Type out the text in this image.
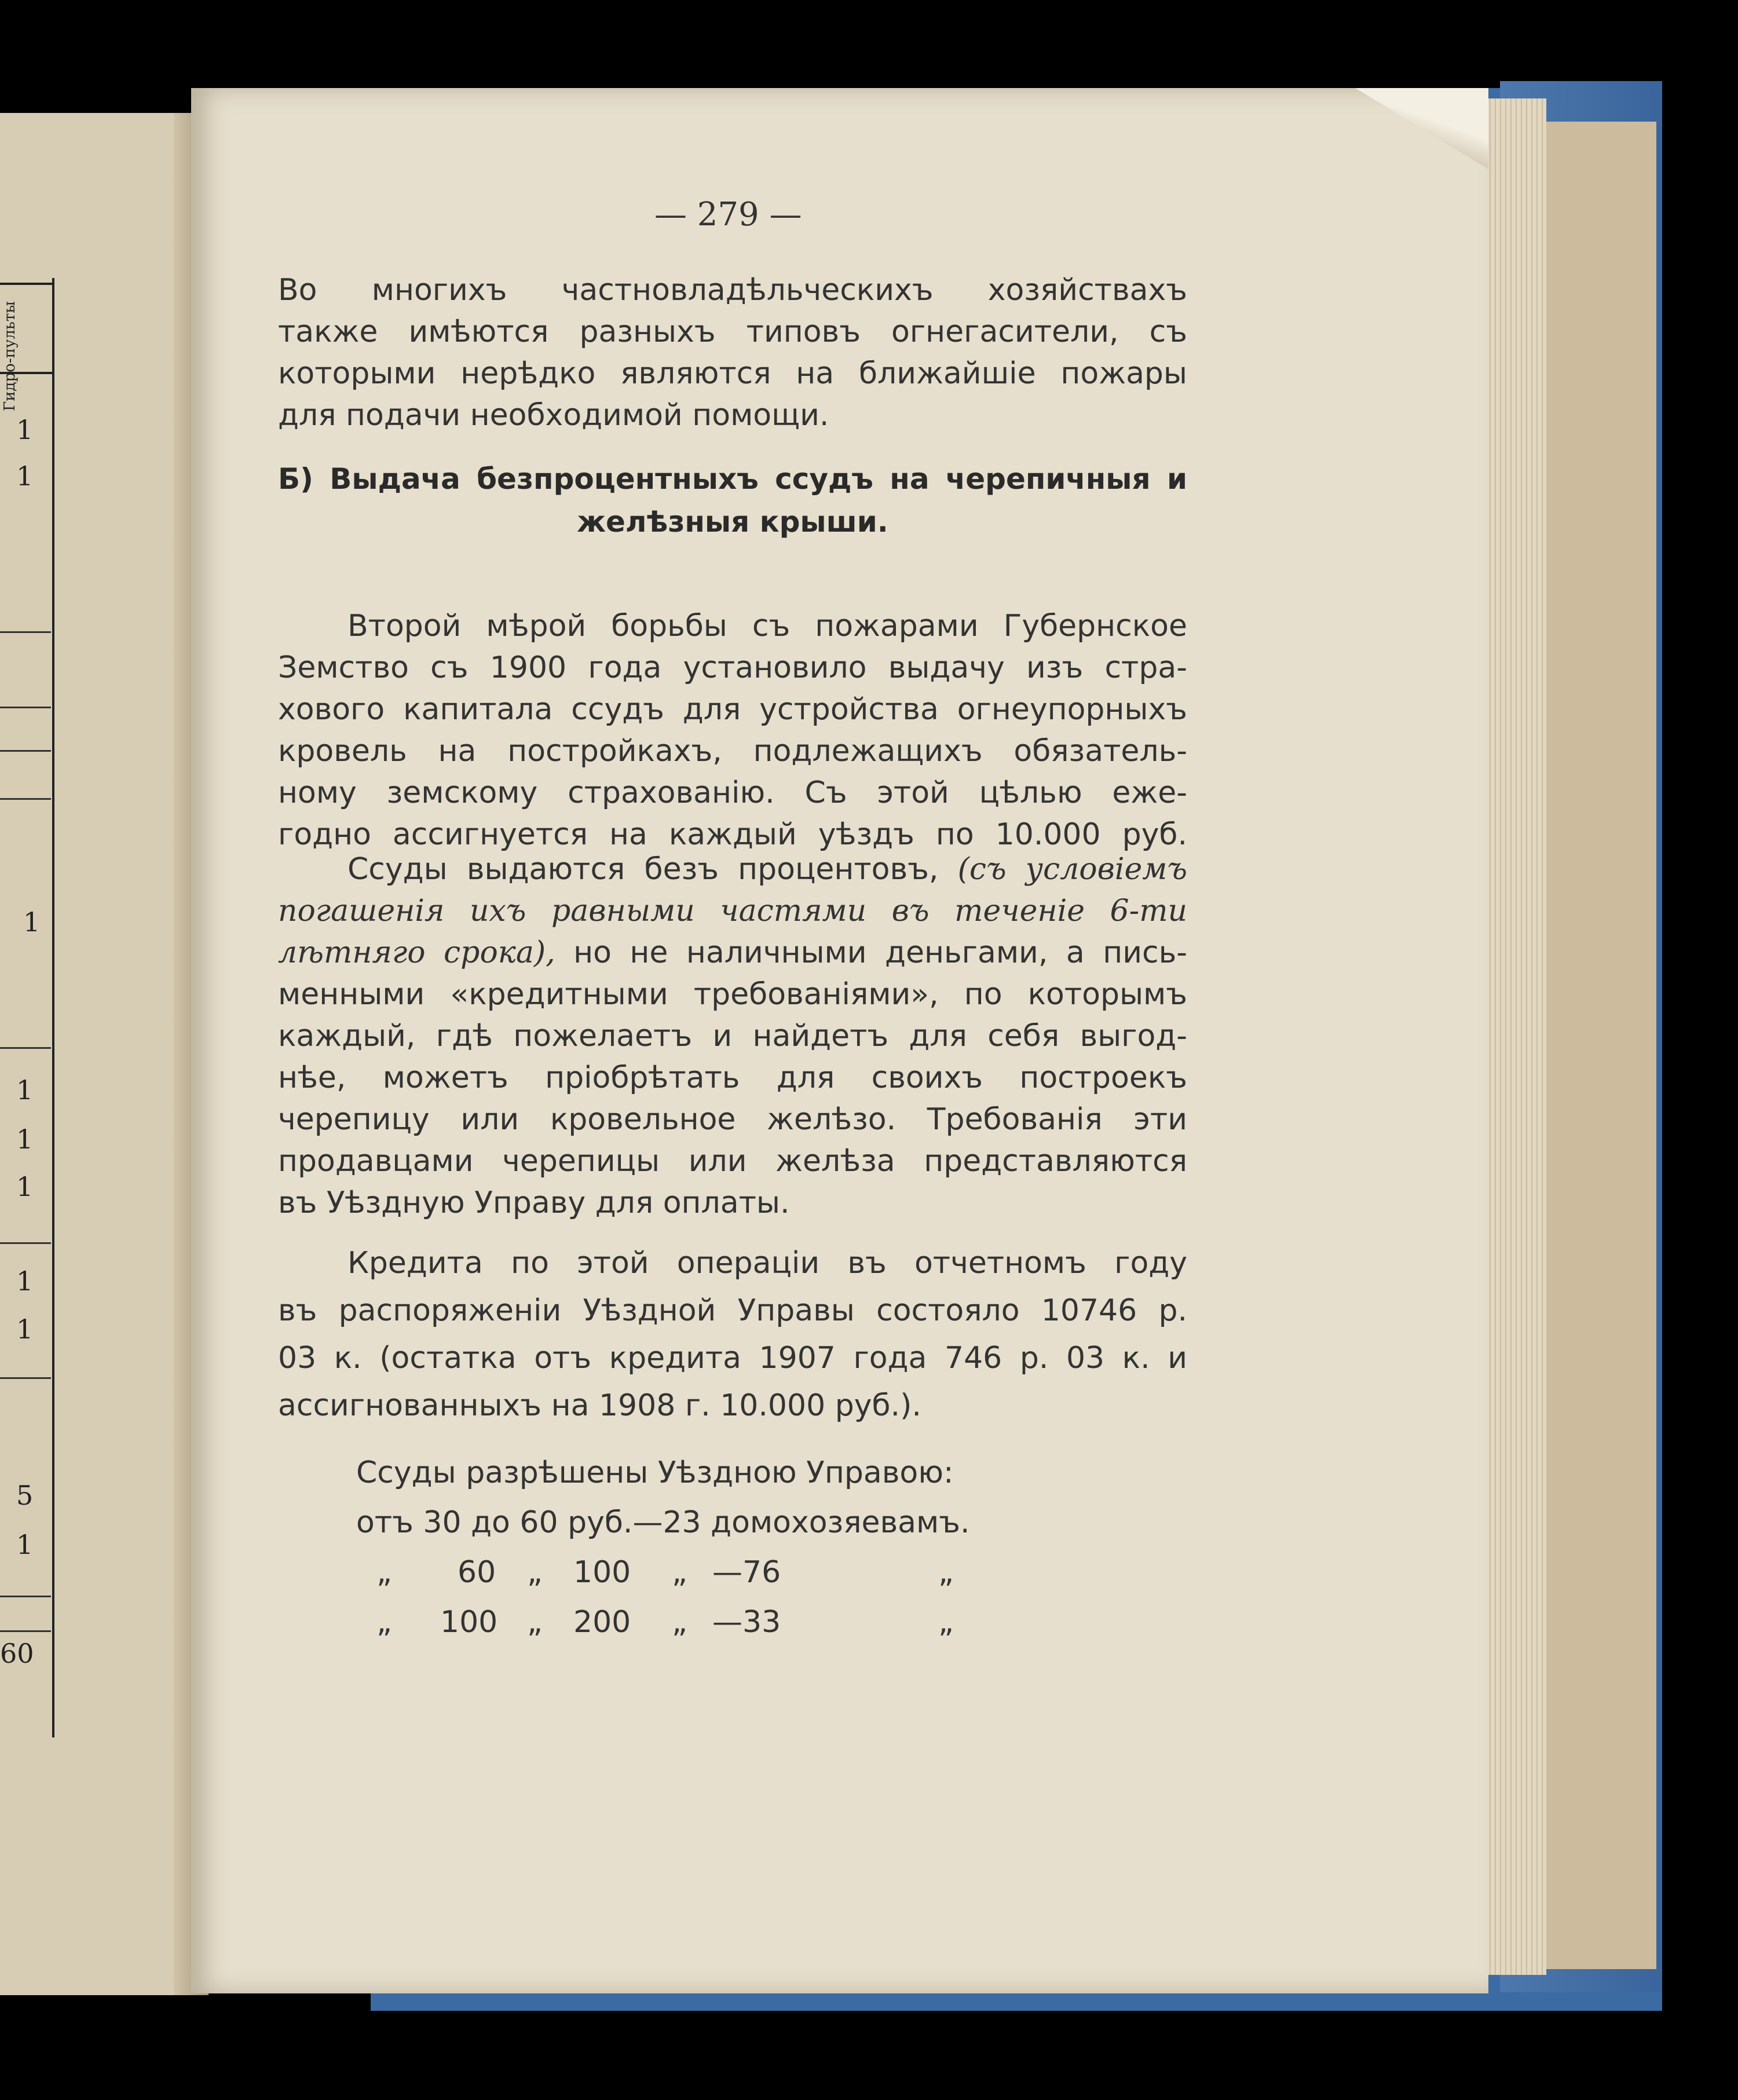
Гидро-пульты
1
1
1
1
1
1
1
1
5
1
60
— 279 —
Во многихъ частновладѣльческихъ хозяйствахъ
также имѣются разныхъ типовъ огнегасители, съ
которыми нерѣдко являются на ближайшіе пожары
для подачи необходимой помощи.
Б) Выдача безпроцентныхъ ссудъ на черепичныя и
желѣзныя крыши.
Второй мѣрой борьбы съ пожарами Губернское
Земство съ 1900 года установило выдачу изъ стра-
хового капитала ссудъ для устройства огнеупорныхъ
кровель на постройкахъ, подлежащихъ обязатель-
ному земскому страхованію. Съ этой цѣлью еже-
годно ассигнуется на каждый уѣздъ по 10.000 руб.
Ссуды выдаются безъ процентовъ, (съ условіемъ
погашенія ихъ равными частями въ теченіе 6-ти
лѣтняго срока), но не наличными деньгами, а пись-
менными «кредитными требованіями», по которымъ
каждый, гдѣ пожелаетъ и найдетъ для себя выгод-
нѣе, можетъ пріобрѣтать для своихъ построекъ
черепицу или кровельное желѣзо. Требованія эти
продавцами черепицы или желѣза представляются
въ Уѣздную Управу для оплаты.
Кредита по этой операціи въ отчетномъ году
въ распоряженіи Уѣздной Управы состояло 10746 р.
03 к. (остатка отъ кредита 1907 года 746 р. 03 к. и
ассигнованныхъ на 1908 г. 10.000 руб.).
Ссуды разрѣшены Уѣздною Управою:
отъ 30 до 60 руб.—23 домохозяевамъ.
„ 60 „ 100 „ —76	„
„ 100 „ 200 „ —33	„
